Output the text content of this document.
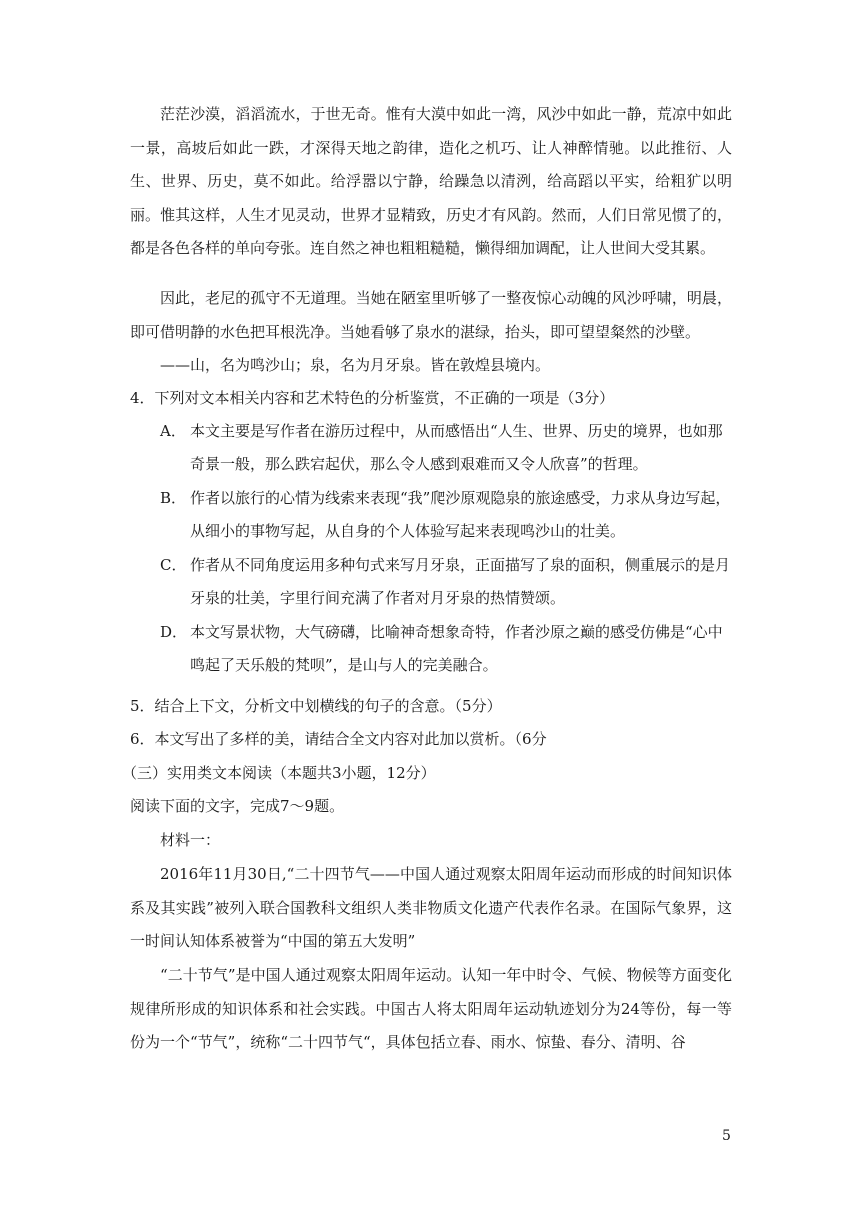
茫茫沙漠，滔滔流水，于世无奇。惟有大漠中如此一湾，风沙中如此一静，荒凉中如此一景，高坡后如此一跌，才深得天地之韵律，造化之机巧、让人神醉情驰。以此推衍、人生、世界、历史，莫不如此。给浮嚣以宁静，给躁急以清洌，给高蹈以平实，给粗犷以明丽。惟其这样，人生才见灵动，世界才显精致，历史才有风韵。然而，人们日常见惯了的，都是各色各样的单向夸张。连自然之神也粗粗糙糙，懒得细加调配，让人世间大受其累。

因此，老尼的孤守不无道理。当她在陋室里听够了一整夜惊心动魄的风沙呼啸，明晨，即可借明静的水色把耳根洗净。当她看够了泉水的湛绿，抬头，即可望望粲然的沙壁。

——山，名为鸣沙山；泉，名为月牙泉。皆在敦煌县境内。

4．下列对文本相关内容和艺术特色的分析鉴赏，不正确的一项是（3分）

A． 本文主要是写作者在游历过程中，从而感悟出“人生、世界、历史的境界，也如那
奇景一般，那么跌宕起伏，那么令人感到艰难而又令人欣喜”的哲理。
B． 作者以旅行的心情为线索来表现“我”爬沙原观隐泉的旅途感受，力求从身边写起，
从细小的事物写起，从自身的个人体验写起来表现鸣沙山的壮美。
C． 作者从不同角度运用多种句式来写月牙泉，正面描写了泉的面积，侧重展示的是月
牙泉的壮美，字里行间充满了作者对月牙泉的热情赞颂。
D． 本文写景状物，大气磅礴，比喻神奇想象奇特，作者沙原之巅的感受仿佛是“心中
鸣起了天乐般的梵呗”，是山与人的完美融合。

5．结合上下文，分析文中划横线的句子的含意。（5分）

6．本文写出了多样的美，请结合全文内容对此加以赏析。（6分

（三）实用类文本阅读（本题共3小题，12分）

阅读下面的文字，完成7～9题。

材料一：

2016年11月30日,“二十四节气——中国人通过观察太阳周年运动而形成的时间知识体系及其实践”被列入联合国教科文组织人类非物质文化遗产代表作名录。在国际气象界，这一时间认知体系被誉为“中国的第五大发明”

“二十节气”是中国人通过观察太阳周年运动。认知一年中时令、气候、物候等方面变化规律所形成的知识体系和社会实践。中国古人将太阳周年运动轨迹划分为24等份，每一等份为一个“节气”，统称“二十四节气“，具体包括立春、雨水、惊蛰、春分、清明、谷

5
